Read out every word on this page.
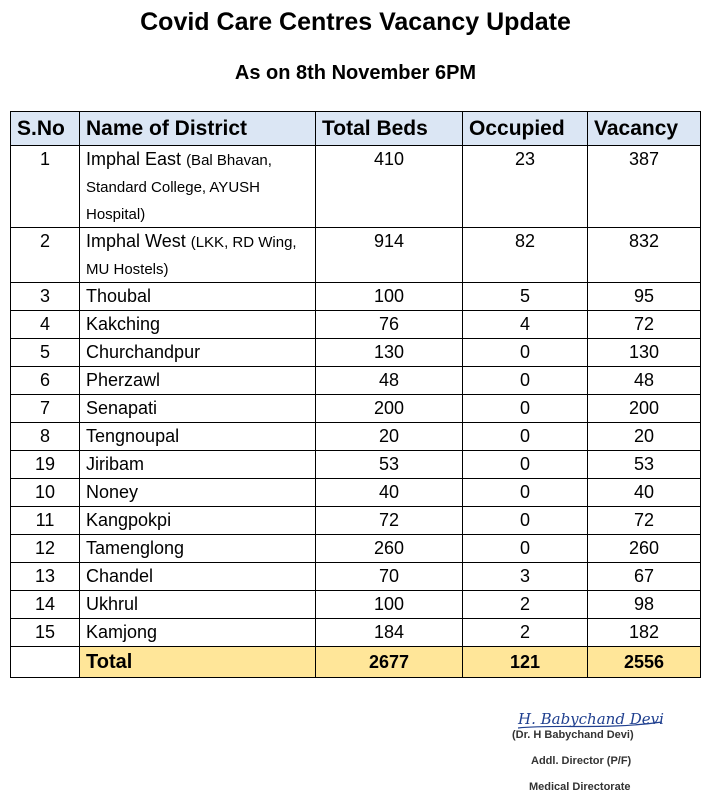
Covid Care Centres Vacancy Update
As on 8th November 6PM
S.No	Name of District	Total Beds	Occupied	Vacancy
1	Imphal East (Bal Bhavan, Standard College, AYUSH Hospital)	410	23	387
2	Imphal West (LKK, RD Wing, MU Hostels)	914	82	832
3	Thoubal	100	5	95
4	Kakching	76	4	72
5	Churchandpur	130	0	130
6	Pherzawl	48	0	48
7	Senapati	200	0	200
8	Tengnoupal	20	0	20
19	Jiribam	53	0	53
10	Noney	40	0	40
11	Kangpokpi	72	0	72
12	Tamenglong	260	0	260
13	Chandel	70	3	67
14	Ukhrul	100	2	98
15	Kamjong	184	2	182
	Total	2677	121	2556
H. Babychand Devi
(Dr. H Babychand Devi)
Addl. Director (P/F)
Medical Directorate
